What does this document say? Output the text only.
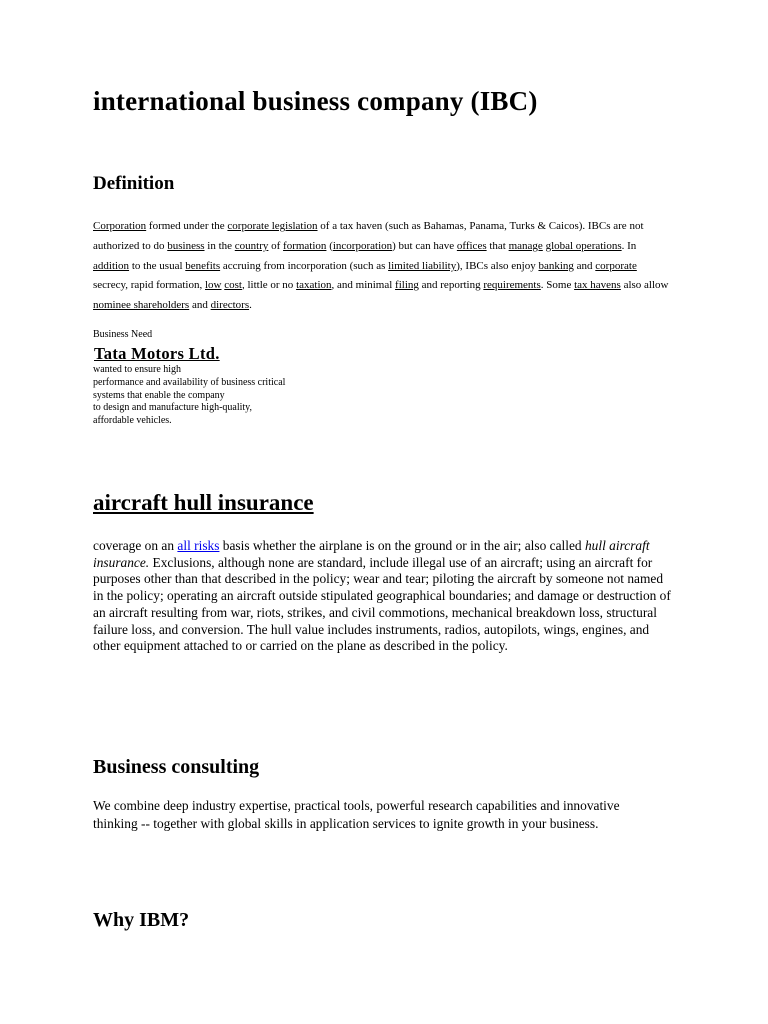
international business company (IBC)
Definition

Corporation formed under the corporate legislation of a tax haven (such as Bahamas, Panama, Turks & Caicos). IBCs are not authorized to do business in the country of formation (incorporation) but can have offices that manage global operations. In addition to the usual benefits accruing from incorporation (such as limited liability), IBCs also enjoy banking and corporate secrecy, rapid formation, low cost, little or no taxation, and minimal filing and reporting requirements. Some tax havens also allow nominee shareholders and directors.

Business Need
Tata Motors Ltd.
wanted to ensure high
performance and availability of business critical
systems that enable the company
to design and manufacture high-quality,
affordable vehicles.
aircraft hull insurance

coverage on an all risks basis whether the airplane is on the ground or in the air; also called hull aircraft insurance. Exclusions, although none are standard, include illegal use of an aircraft; using an aircraft for purposes other than that described in the policy; wear and tear; piloting the aircraft by someone not named in the policy; operating an aircraft outside stipulated geographical boundaries; and damage or destruction of an aircraft resulting from war, riots, strikes, and civil commotions, mechanical breakdown loss, structural failure loss, and conversion. The hull value includes instruments, radios, autopilots, wings, engines, and other equipment attached to or carried on the plane as described in the policy.

Business consulting

We combine deep industry expertise, practical tools, powerful research capabilities and innovative thinking -- together with global skills in application services to ignite growth in your business.

Why IBM?
